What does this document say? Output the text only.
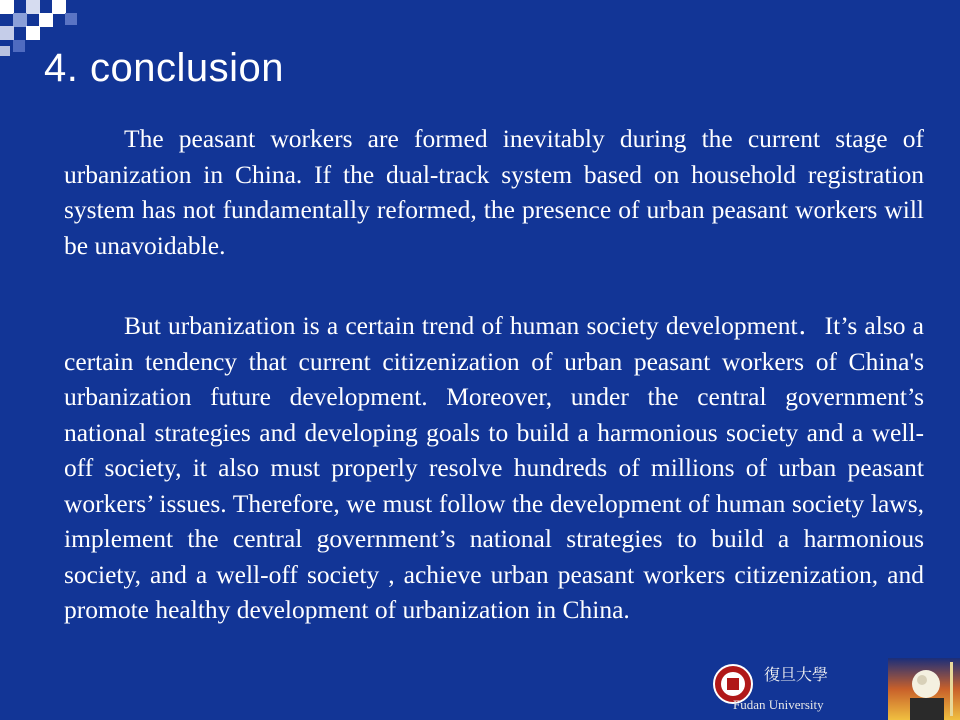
4. conclusion

The peasant workers are formed inevitably during the current stage of urbanization in China. If the dual-track system based on household registration system has not fundamentally reformed, the presence of urban peasant workers will be unavoidable.

But urbanization is a certain trend of human society development．It’s also a certain tendency that current citizenization of urban peasant workers of China's urbanization future development. Moreover, under the central government’s national strategies and developing goals to build a harmonious society and a well-off society, it also must properly resolve hundreds of millions of urban peasant workers’ issues. Therefore, we must follow the development of human society laws, implement the central government’s national strategies to build a harmonious society, and a well-off society , achieve urban peasant workers citizenization, and promote healthy development of urbanization in China.

復旦大學
Fudan University
